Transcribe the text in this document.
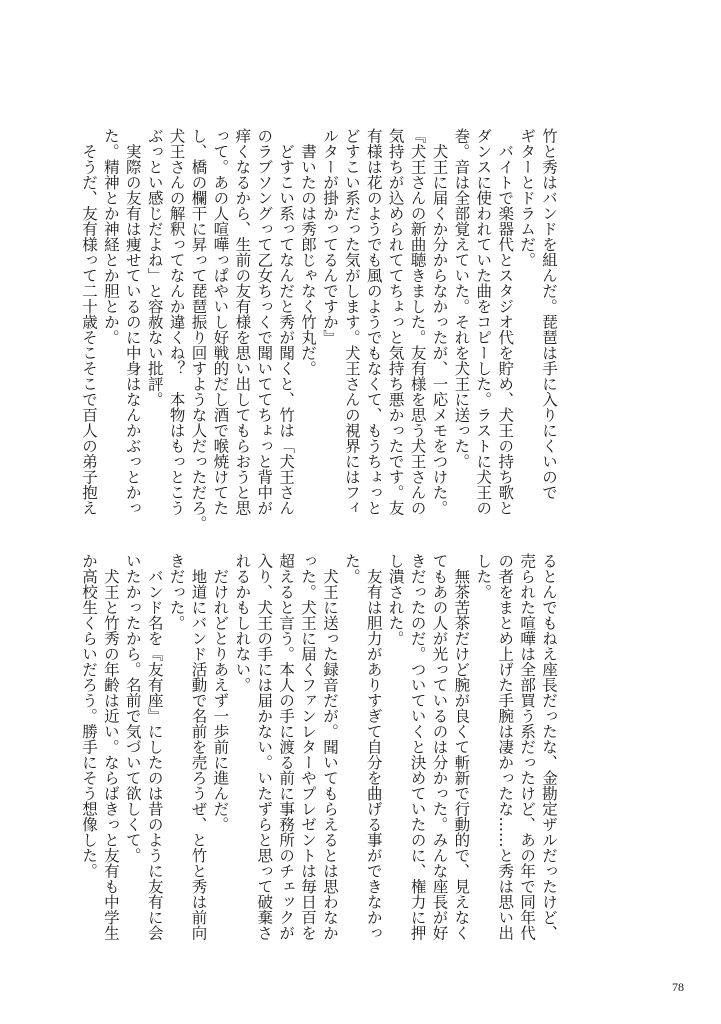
竹と秀はバンドを組んだ。琵琶は手に入りにくいので
ギターとドラムだ。
　バイトで楽器代とスタジオ代を貯め、犬王の持ち歌と
ダンスに使われていた曲をコピーした。ラストに犬王の
巻。音は全部覚えていた。それを犬王に送った。
　犬王に届くか分からなかったが、一応メモをつけた。
『犬王さんの新曲聴きました。友有様を思う犬王さんの
気持ちが込められててちょっと気持ち悪かったです。友
有様は花のようでも風のようでもなくて、もうちょっと
どすこい系だった気がします。犬王さんの視界にはフィ
ルターが掛かってるんですか』
　書いたのは秀郎じゃなく竹丸だ。
　どすこい系ってなんだと秀が聞くと、竹は「犬王さん
のラブソングって乙女ちっくで聞いててちょっと背中が
痒くなるから、生前の友有様を思い出してもらおうと思
って。あの人喧嘩っぱやいし好戦的だし酒で喉焼けてた
し、橋の欄干に昇って琵琶振り回すような人だっただろ。
犬王さんの解釈ってなんか違くね？　本物はもっとこう
ぶっとい感じだよね」と容赦ない批評。
　実際の友有は痩せているのに中身はなんかぶっとかっ
た。精神とか神経とか胆とか。
　そうだ、友有様って二十歳そこそこで百人の弟子抱え
るとんでもねえ座長だったな、金勘定ザルだったけど、
売られた喧嘩は全部買う系だったけど、あの年で同年代
の者をまとめ上げた手腕は凄かったな……と秀は思い出
した。
　無茶苦茶だけど腕が良くて斬新で行動的で、見えなく
てもあの人が光っているのは分かった。みんな座長が好
きだったのだ。ついていくと決めていたのに、権力に押
し潰された。
　友有は胆力がありすぎて自分を曲げる事ができなかっ
た。
　犬王に送った録音だが。聞いてもらえるとは思わなか
った。犬王に届くファンレターやプレゼントは毎日百を
超えると言う。本人の手に渡る前に事務所のチェックが
入り、犬王の手には届かない。いたずらと思って破棄さ
れるかもしれない。
　だけれどとりあえず一歩前に進んだ。
　地道にバンド活動で名前を売ろうぜ、と竹と秀は前向
きだった。
　バンド名を『友有座』にしたのは昔のように友有に会
いたかったから。名前で気づいて欲しくて。
　犬王と竹秀の年齢は近い。ならばきっと友有も中学生
か高校生くらいだろう。勝手にそう想像した。
78
